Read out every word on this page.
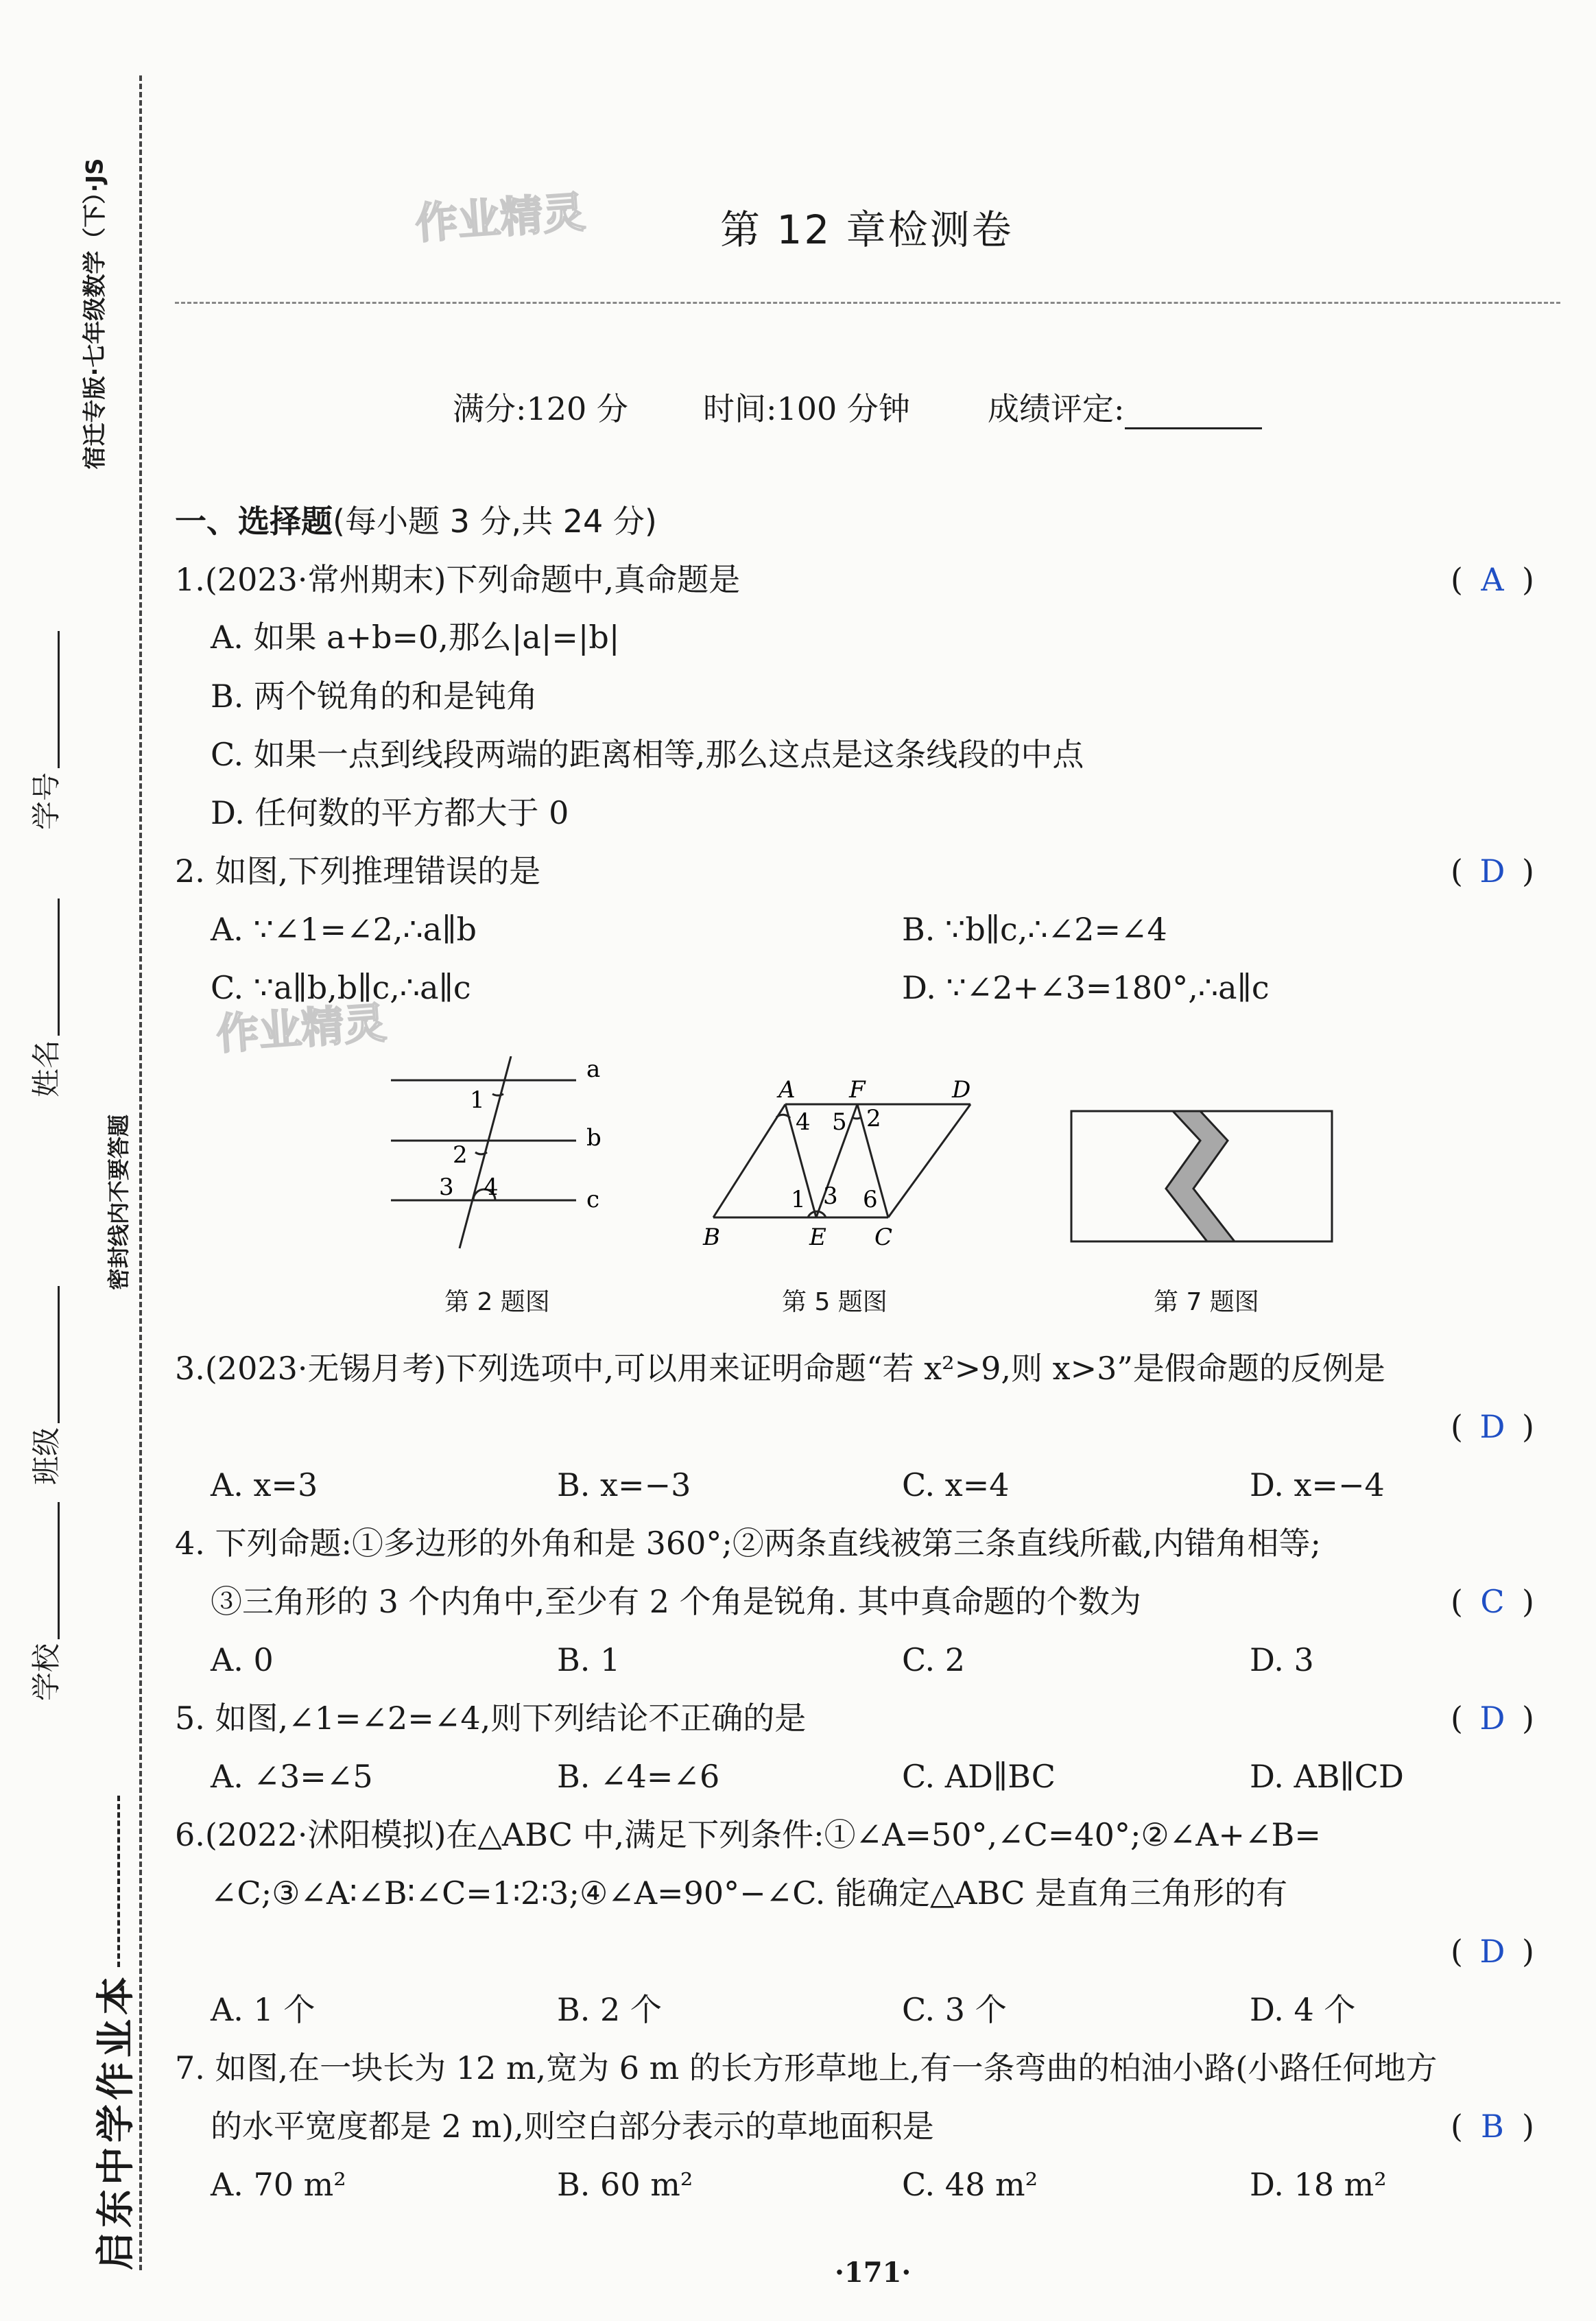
宿迁专版·七年级数学（下）·JS
学号
姓名
密封线内不要答题
班级
学校
启东中学作业本
作业精灵	第 12 章检测卷
满分:120 分 时间:100 分钟 成绩评定:
一、选择题(每小题 3 分,共 24 分)
1.(2023·常州期末)下列命题中,真命题是	( A )
A. 如果 a+b=0,那么|a|=|b|
B. 两个锐角的和是钝角
C. 如果一点到线段两端的距离相等,那么这点是这条线段的中点
D. 任何数的平方都大于 0
2. 如图,下列推理错误的是	( D )
A. ∵∠1=∠2,∴a∥b	B. ∵b∥c,∴∠2=∠4
C. ∵a∥b,b∥c,∴a∥c	D. ∵∠2+∠3=180°,∴a∥c
作业精灵
a
b
c
1
2
3 4
第 2 题图
A F	D
B	E C
4 5 2
1 3 6
第 5 题图	第 7 题图
3.(2023·无锡月考)下列选项中,可以用来证明命题“若 x²>9,则 x>3”是假命题的反例是
( D )
A. x=3	B. x=−3	C. x=4	D. x=−4
4. 下列命题:①多边形的外角和是 360°;②两条直线被第三条直线所截,内错角相等;
③三角形的 3 个内角中,至少有 2 个角是锐角. 其中真命题的个数为	( C )
A. 0	B. 1	C. 2	D. 3
5. 如图,∠1=∠2=∠4,则下列结论不正确的是	( D )
A. ∠3=∠5	B. ∠4=∠6	C. AD∥BC	D. AB∥CD
6.(2022·沭阳模拟)在△ABC 中,满足下列条件:①∠A=50°,∠C=40°;②∠A+∠B=
∠C;③∠A∶∠B∶∠C=1∶2∶3;④∠A=90°−∠C. 能确定△ABC 是直角三角形的有
( D )
A. 1 个	B. 2 个	C. 3 个	D. 4 个
7. 如图,在一块长为 12 m,宽为 6 m 的长方形草地上,有一条弯曲的柏油小路(小路任何地方
的水平宽度都是 2 m),则空白部分表示的草地面积是	( B )
A. 70 m²	B. 60 m²	C. 48 m²	D. 18 m²
·171·
